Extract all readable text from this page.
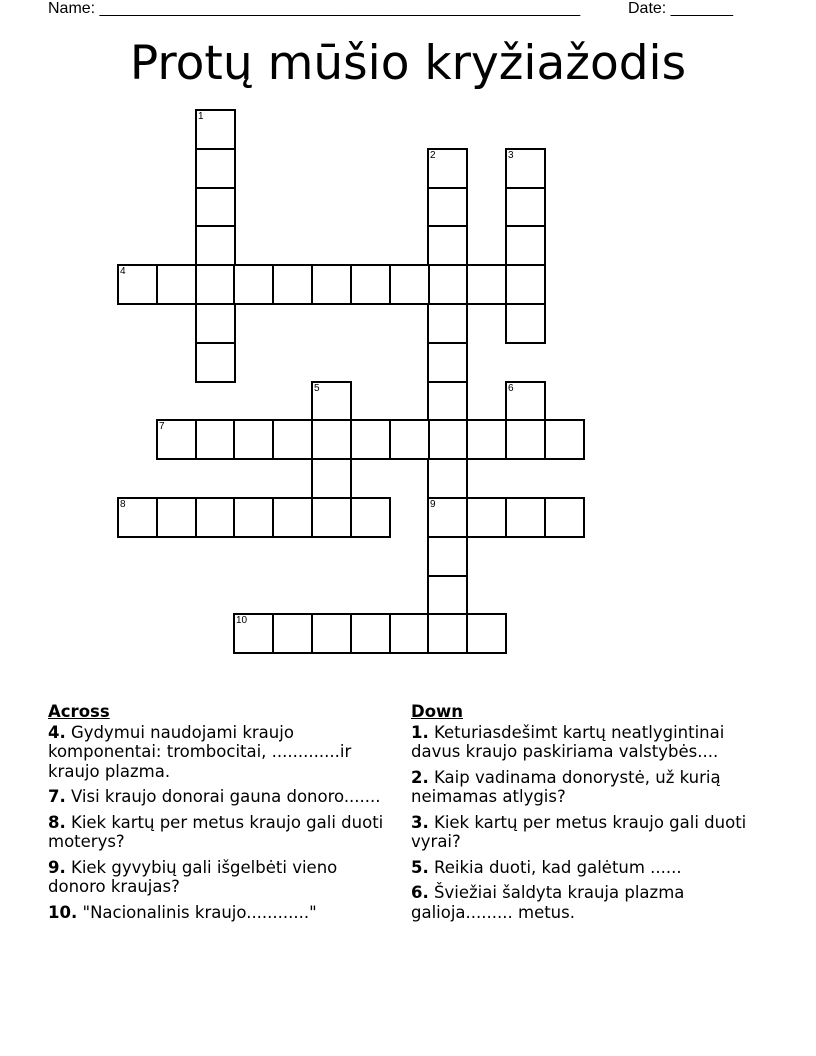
Name: ______________________________________________________	Date: _______
Protų mūšio kryžiažodis
1
2
9
3
4
5	6
7
8
10
Across
4. Gydymui naudojami kraujo komponentai: trombocitai, .............ir kraujo plazma.
7. Visi kraujo donorai gauna donoro.......
8. Kiek kartų per metus kraujo gali duoti moterys?
9. Kiek gyvybių gali išgelbėti vieno donoro kraujas?
10. "Nacionalinis kraujo............"
Down
1. Keturiasdešimt kartų neatlygintinai davus kraujo paskiriama valstybės....
2. Kaip vadinama donorystė, už kurią neimamas atlygis?
3. Kiek kartų per metus kraujo gali duoti vyrai?
5. Reikia duoti, kad galėtum ......
6. Šviežiai šaldyta krauja plazma galioja......... metus.
